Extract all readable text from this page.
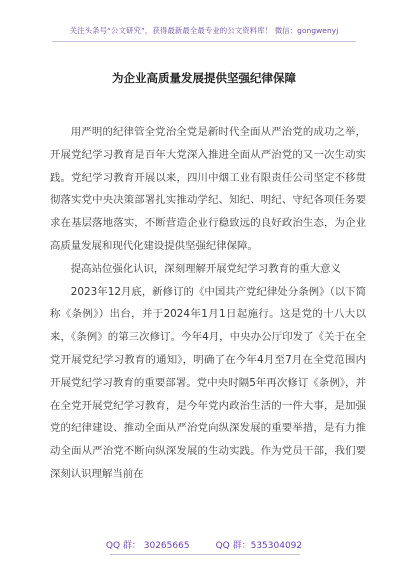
关注头条号“公文研究”，获得最新最全最专业的公文资料库！ 微信：gongwenyj
为企业高质量发展提供坚强纪律保障

用严明的纪律管全党治全党是新时代全面从严治党的成功之举，开展党纪学习教育是百年大党深入推进全面从严治党的又一次生动实践。党纪学习教育开展以来，四川中烟工业有限责任公司坚定不移贯彻落实党中央决策部署扎实推动学纪、知纪、明纪、守纪各项任务要求在基层落地落实，不断营造企业行稳致远的良好政治生态，为企业高质量发展和现代化建设提供坚强纪律保障。

提高站位强化认识，深刻理解开展党纪学习教育的重大意义

2023年12月底，新修订的《中国共产党纪律处分条例》（以下简称《条例》）出台，并于2024年1月1日起施行。这是党的十八大以来，《条例》的第三次修订。今年4月，中央办公厅印发了《关于在全党开展党纪学习教育的通知》，明确了在今年4月至7月在全党范围内开展党纪学习教育的重要部署。党中央时隔5年再次修订《条例》，并在全党开展党纪学习教育，是今年党内政治生活的一件大事，是加强党的纪律建设、推动全面从严治党向纵深发展的重要举措，是有力推动全面从严治党不断向纵深发展的生动实践。作为党员干部，我们要深刻认识理解当前在

QQ 群： 30265665	QQ 群：535304092
